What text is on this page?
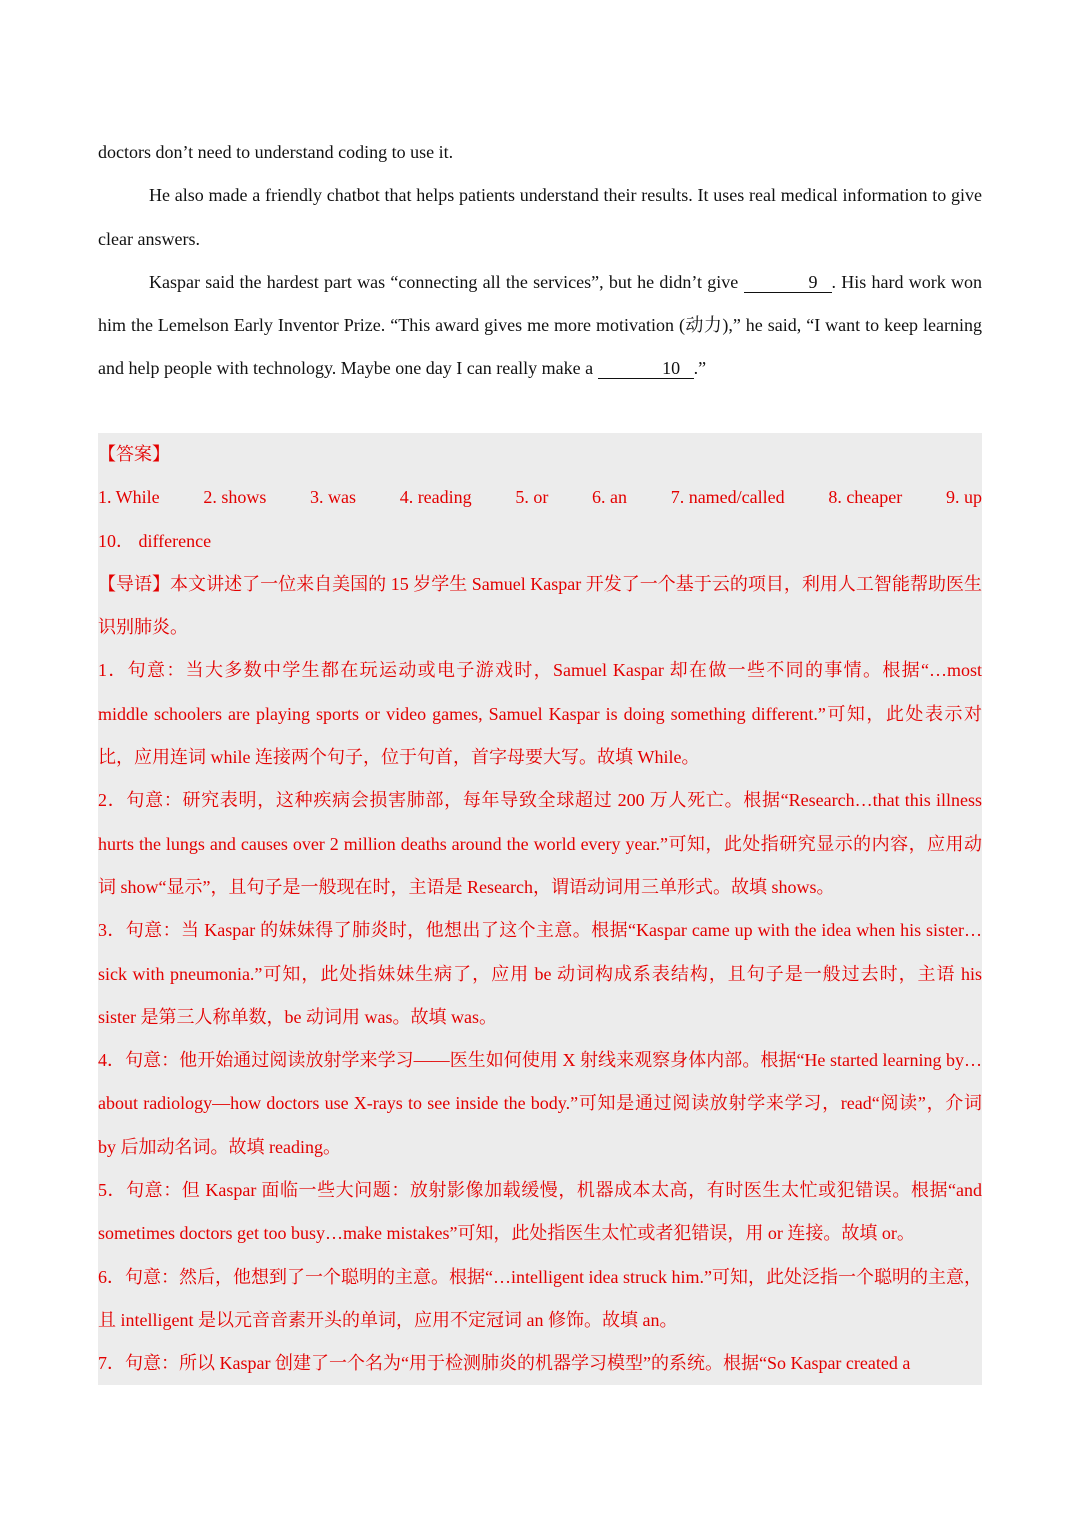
doctors don’t need to understand coding to use it.

He also made a friendly chatbot that helps patients understand their results. It uses real medical information to give clear answers.

Kaspar said the hardest part was “connecting all the services”, but he didn’t give	9 . His hard work won him the Lemelson Early Inventor Prize. “This award gives me more motivation (动力),” he said, “I want to keep learning and help people with technology. Maybe one day I can really make a	10 .”

【答案】

1. While 2. shows 3. was 4. reading 5. or 6. an 7. named/called 8. cheaper 9. up

10． difference

【导语】本文讲述了一位来自美国的 15 岁学生 Samuel Kaspar 开发了一个基于云的项目，利用人工智能帮助医生识别肺炎。

1．句意：当大多数中学生都在玩运动或电子游戏时，Samuel Kaspar 却在做一些不同的事情。根据“…most middle schoolers are playing sports or video games, Samuel Kaspar is doing something different.”可知，此处表示对比，应用连词 while 连接两个句子，位于句首，首字母要大写。故填 While。

2．句意：研究表明，这种疾病会损害肺部，每年导致全球超过 200 万人死亡。根据“Research…that this illness hurts the lungs and causes over 2 million deaths around the world every year.”可知，此处指研究显示的内容，应用动词 show“显示”，且句子是一般现在时，主语是 Research，谓语动词用三单形式。故填 shows。

3．句意：当 Kaspar 的妹妹得了肺炎时，他想出了这个主意。根据“Kaspar came up with the idea when his sister…sick with pneumonia.”可知，此处指妹妹生病了，应用 be 动词构成系表结构，且句子是一般过去时，主语 his sister 是第三人称单数，be 动词用 was。故填 was。

4．句意：他开始通过阅读放射学来学习——医生如何使用 X 射线来观察身体内部。根据“He started learning by…about radiology—how doctors use X-rays to see inside the body.”可知是通过阅读放射学来学习，read“阅读”，介词 by 后加动名词。故填 reading。

5．句意：但 Kaspar 面临一些大问题：放射影像加载缓慢，机器成本太高，有时医生太忙或犯错误。根据“and sometimes doctors get too busy…make mistakes”可知，此处指医生太忙或者犯错误，用 or 连接。故填 or。

6．句意：然后，他想到了一个聪明的主意。根据“…intelligent idea struck him.”可知，此处泛指一个聪明的主意，且 intelligent 是以元音音素开头的单词，应用不定冠词 an 修饰。故填 an。

7．句意：所以 Kaspar 创建了一个名为“用于检测肺炎的机器学习模型”的系统。根据“So Kaspar created a
